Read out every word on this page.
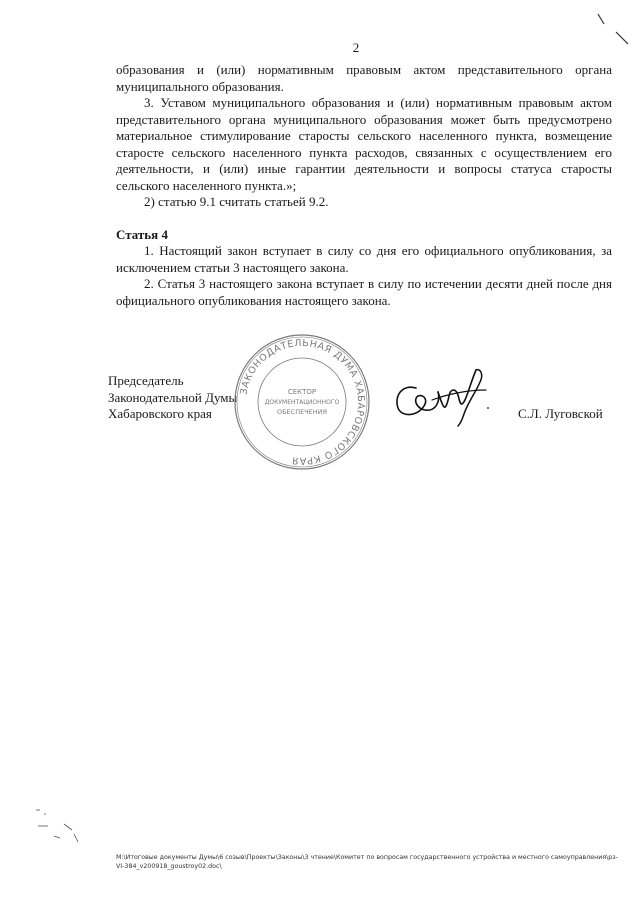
2

образования и (или) нормативным правовым актом представительного органа муниципального образования.

3. Уставом муниципального образования и (или) нормативным правовым актом представительного органа муниципального образования может быть предусмотрено материальное стимулирование старосты сельского населенного пункта, возмещение старосте сельского населенного пункта расходов, связанных с осуществлением его деятельности, и (или) иные гарантии деятельности и вопросы статуса старосты сельского населенного пункта.»;

2) статью 9.1 считать статьей 9.2.

Статья 4

1. Настоящий закон вступает в силу со дня его официального опубликования, за исключением статьи 3 настоящего закона.

2. Статья 3 настоящего закона вступает в силу по истечении десяти дней после дня официального опубликования настоящего закона.

Председатель
Законодательной Думы
Хабаровского края
ЗАКОНОДАТЕЛЬНАЯ ДУМА ХАБАРОВСКОГО КРАЯ
СЕКТОР
ДОКУМЕНТАЦИОННОГО
ОБЕСПЕЧЕНИЯ	С.Л. Луговской
M:\Итоговые документы Думы\6 созыв\Проекты\Законы\3 чтение\Комитет по вопросам государственного устройства и местного самоуправления\рз-VI-384_v200918_goustroy02.doc\
